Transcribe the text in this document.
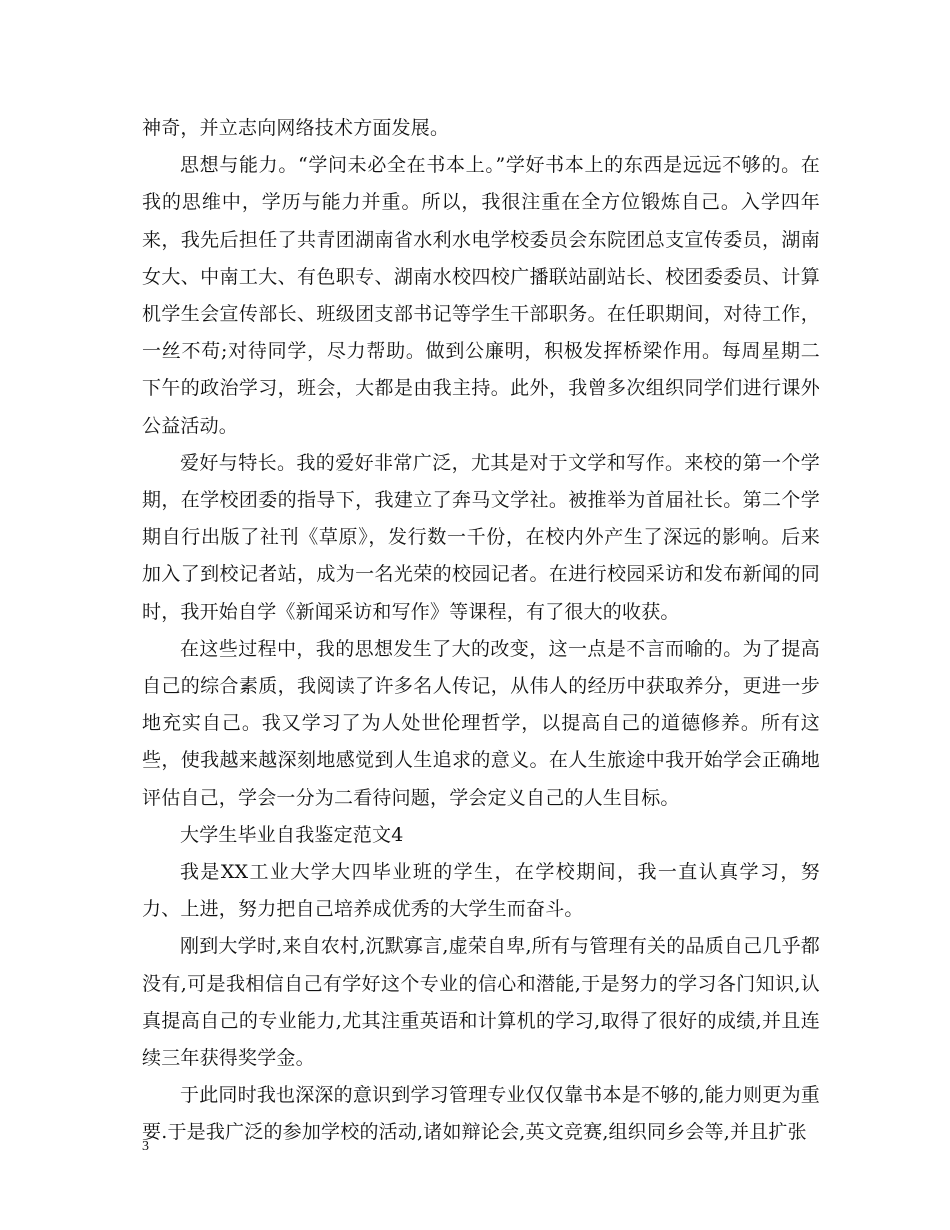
神奇，并立志向网络技术方面发展。

思想与能力。“学问未必全在书本上。”学好书本上的东西是远远不够的。在我的思维中，学历与能力并重。所以，我很注重在全方位锻炼自己。入学四年来，我先后担任了共青团湖南省水利水电学校委员会东院团总支宣传委员，湖南女大、中南工大、有色职专、湖南水校四校广播联站副站长、校团委委员、计算机学生会宣传部长、班级团支部书记等学生干部职务。在任职期间，对待工作，一丝不苟;对待同学，尽力帮助。做到公廉明，积极发挥桥梁作用。每周星期二下午的政治学习，班会，大都是由我主持。此外，我曾多次组织同学们进行课外公益活动。

爱好与特长。我的爱好非常广泛，尤其是对于文学和写作。来校的第一个学期，在学校团委的指导下，我建立了奔马文学社。被推举为首届社长。第二个学期自行出版了社刊《草原》，发行数一千份，在校内外产生了深远的影响。后来加入了到校记者站，成为一名光荣的校园记者。在进行校园采访和发布新闻的同时，我开始自学《新闻采访和写作》等课程，有了很大的收获。

在这些过程中，我的思想发生了大的改变，这一点是不言而喻的。为了提高自己的综合素质，我阅读了许多名人传记，从伟人的经历中获取养分，更进一步地充实自己。我又学习了为人处世伦理哲学，以提高自己的道德修养。所有这些，使我越来越深刻地感觉到人生追求的意义。在人生旅途中我开始学会正确地评估自己，学会一分为二看待问题，学会定义自己的人生目标。

大学生毕业自我鉴定范文4

我是XX工业大学大四毕业班的学生，在学校期间，我一直认真学习，努力、上进，努力把自己培养成优秀的大学生而奋斗。

刚到大学时,来自农村,沉默寡言,虚荣自卑,所有与管理有关的品质自己几乎都没有,可是我相信自己有学好这个专业的信心和潜能,于是努力的学习各门知识,认真提高自己的专业能力,尤其注重英语和计算机的学习,取得了很好的成绩,并且连续三年获得奖学金。

于此同时我也深深的意识到学习管理专业仅仅靠书本是不够的,能力则更为重要.于是我广泛的参加学校的活动,诸如辩论会,英文竞赛,组织同乡会等,并且扩张

3
